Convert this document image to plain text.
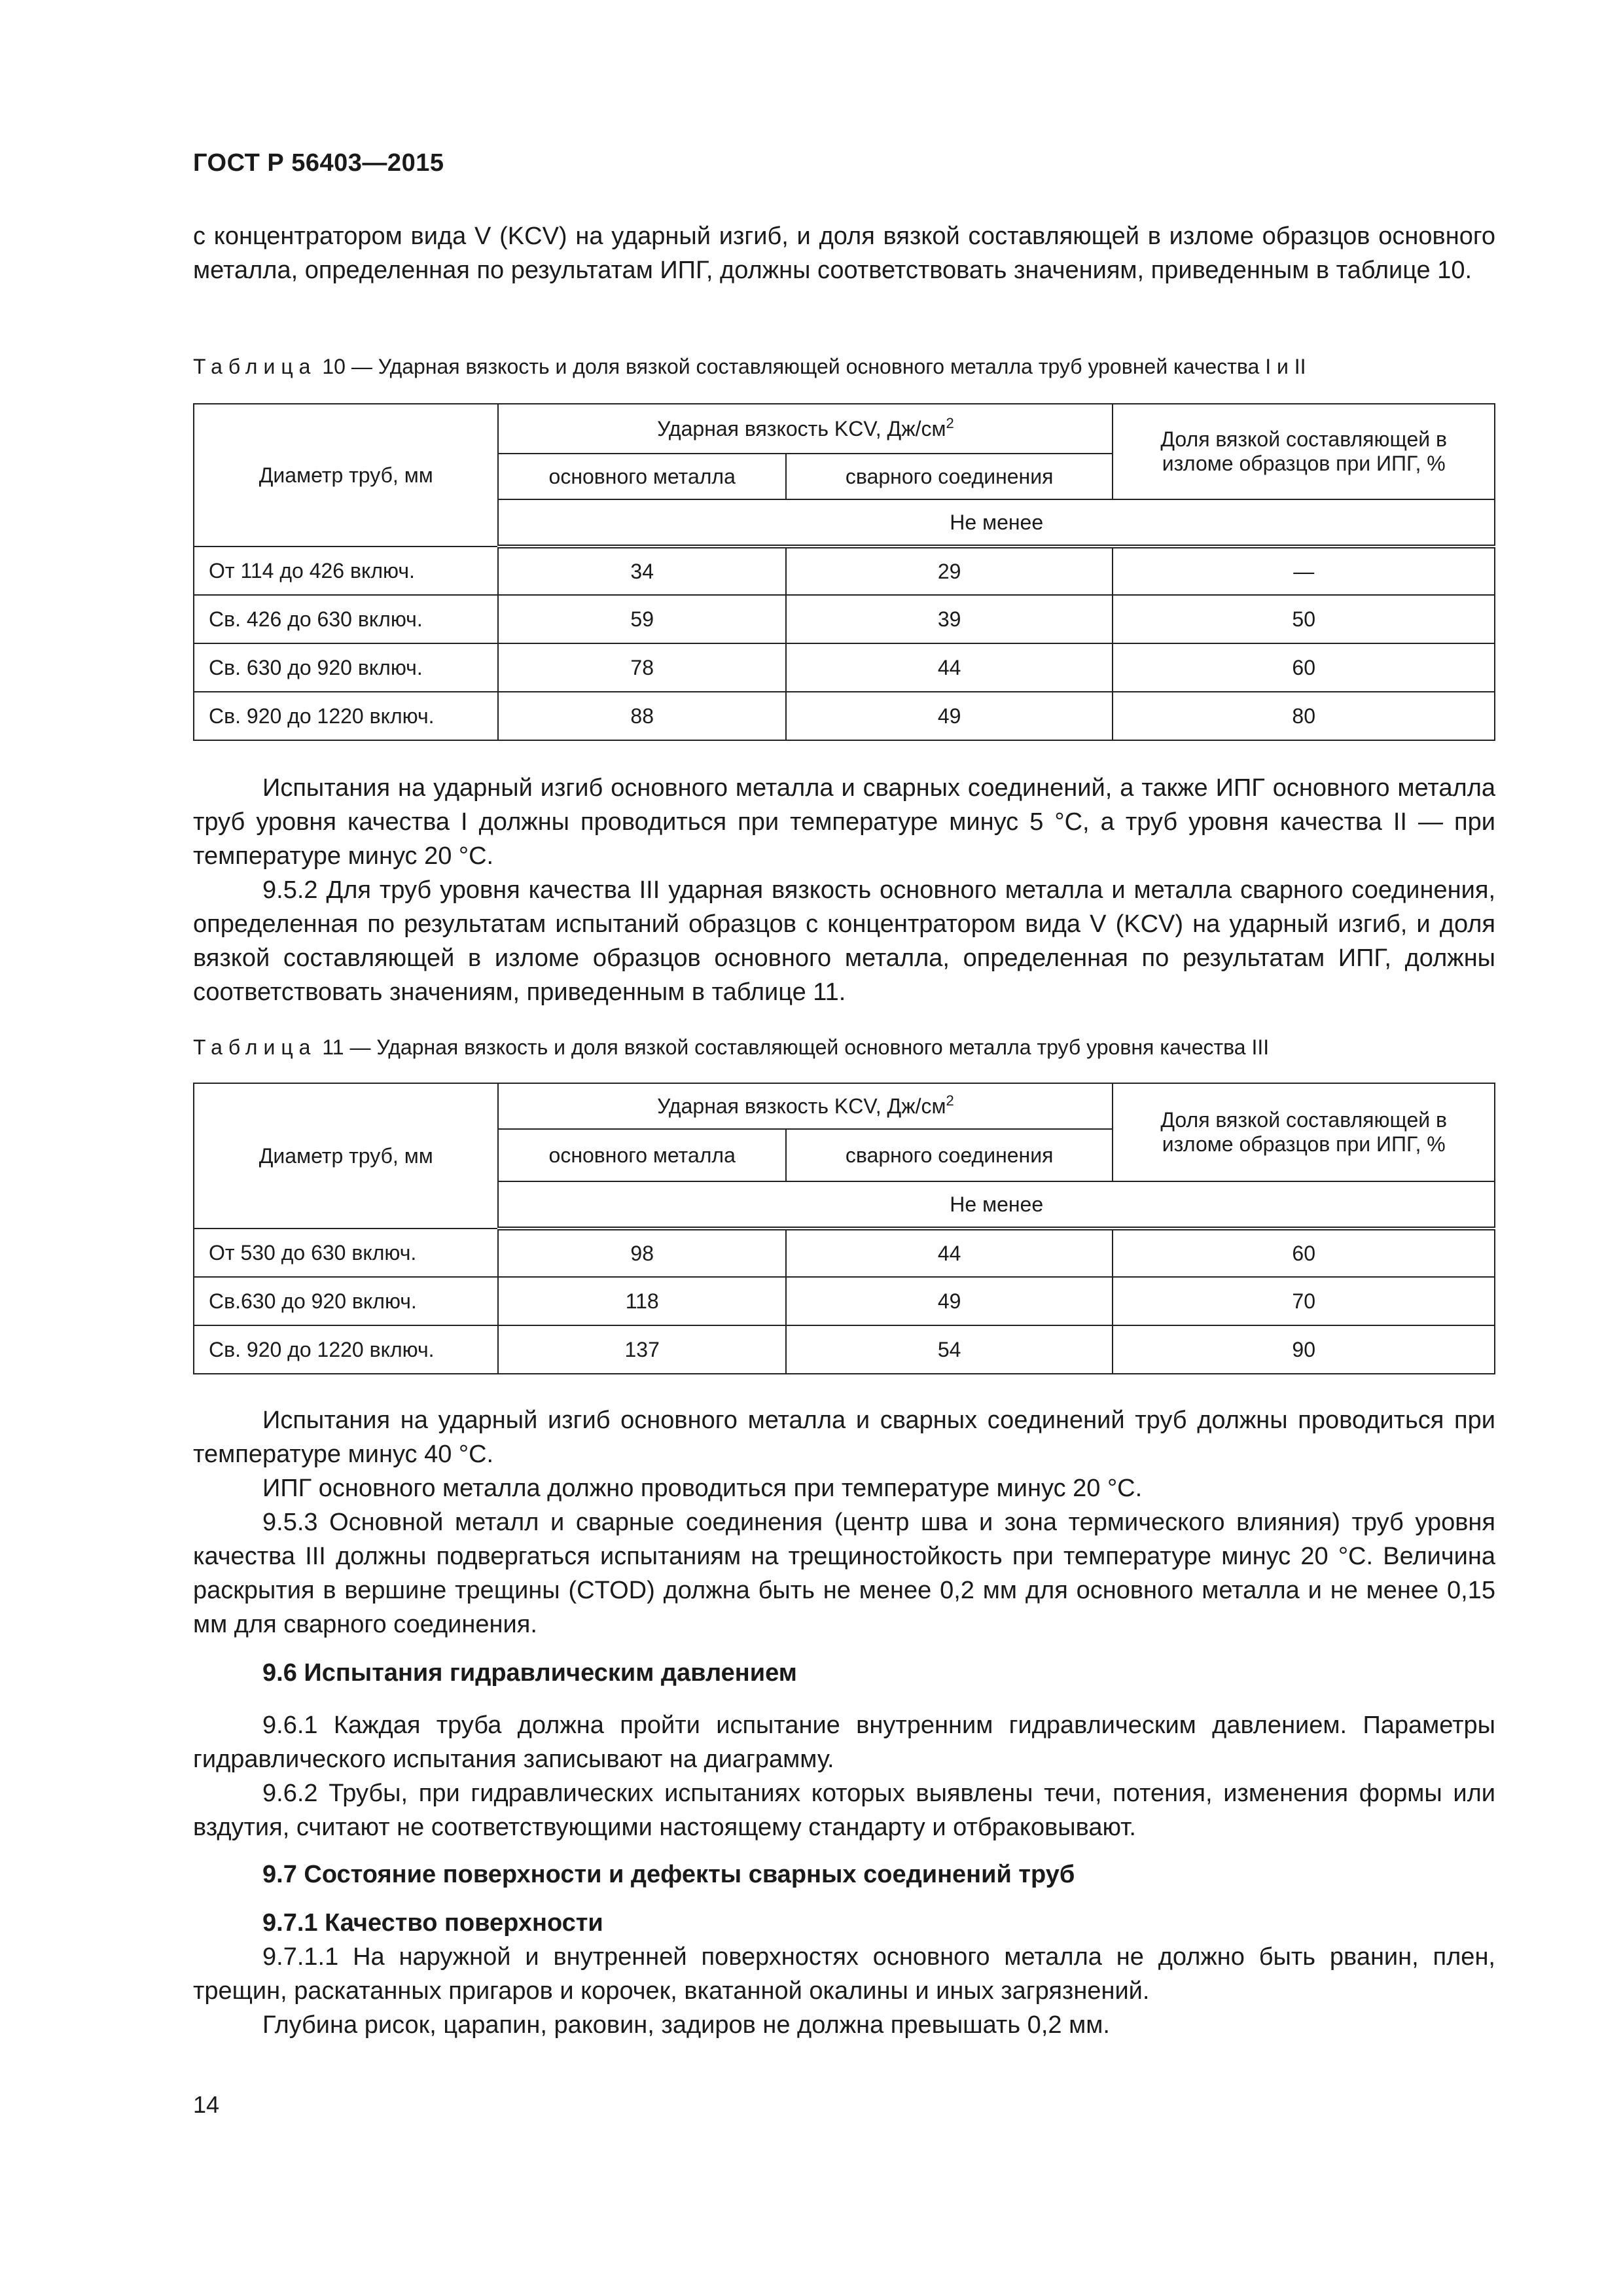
ГОСТ Р 56403—2015

с концентратором вида V (KCV) на ударный изгиб, и доля вязкой составляющей в изломе образцов основного металла, определенная по результатам ИПГ, должны соответствовать значениям, приведенным в таблице 10.

Таблица 10 — Ударная вязкость и доля вязкой составляющей основного металла труб уровней качества I и II

Диаметр труб, мм	Ударная вязкость KCV, $Дж/см^2$		Доля вязкой составляющей в изломе образцов при ИПГ, %
	основного металла	сварного соединения	
	Не менее		
От 114 до 426 включ.	34	29	—
Св. 426 до 630 включ.	59	39	50
Св. 630 до 920 включ.	78	44	60
Св. 920 до 1220 включ.	88	49	80

Испытания на ударный изгиб основного металла и сварных соединений, а также ИПГ основного металла труб уровня качества I должны проводиться при температуре минус 5 °С, а труб уровня качества II — при температуре минус 20 °С.

9.5.2 Для труб уровня качества III ударная вязкость основного металла и металла сварного соединения, определенная по результатам испытаний образцов с концентратором вида V (KCV) на ударный изгиб, и доля вязкой составляющей в изломе образцов основного металла, определенная по результатам ИПГ, должны соответствовать значениям, приведенным в таблице 11.

Таблица 11 — Ударная вязкость и доля вязкой составляющей основного металла труб уровня качества III

Диаметр труб, мм	Ударная вязкость KCV, $Дж/см^2$		Доля вязкой составляющей в изломе образцов при ИПГ, %
	основного металла	сварного соединения	
	Не менее		
От 530 до 630 включ.	98	44	60
Св.630 до 920 включ.	118	49	70
Св. 920 до 1220 включ.	137	54	90

Испытания на ударный изгиб основного металла и сварных соединений труб должны проводиться при температуре минус 40 °С.

ИПГ основного металла должно проводиться при температуре минус 20 °С.

9.5.3 Основной металл и сварные соединения (центр шва и зона термического влияния) труб уровня качества III должны подвергаться испытаниям на трещиностойкость при температуре минус 20 °С. Величина раскрытия в вершине трещины (CTOD) должна быть не менее 0,2 мм для основного металла и не менее 0,15 мм для сварного соединения.

9.6 Испытания гидравлическим давлением

9.6.1 Каждая труба должна пройти испытание внутренним гидравлическим давлением. Параметры гидравлического испытания записывают на диаграмму.

9.6.2 Трубы, при гидравлических испытаниях которых выявлены течи, потения, изменения формы или вздутия, считают не соответствующими настоящему стандарту и отбраковывают.

9.7 Состояние поверхности и дефекты сварных соединений труб

9.7.1 Качество поверхности

9.7.1.1 На наружной и внутренней поверхностях основного металла не должно быть рванин, плен, трещин, раскатанных пригаров и корочек, вкатанной окалины и иных загрязнений.

Глубина рисок, царапин, раковин, задиров не должна превышать 0,2 мм.

14
